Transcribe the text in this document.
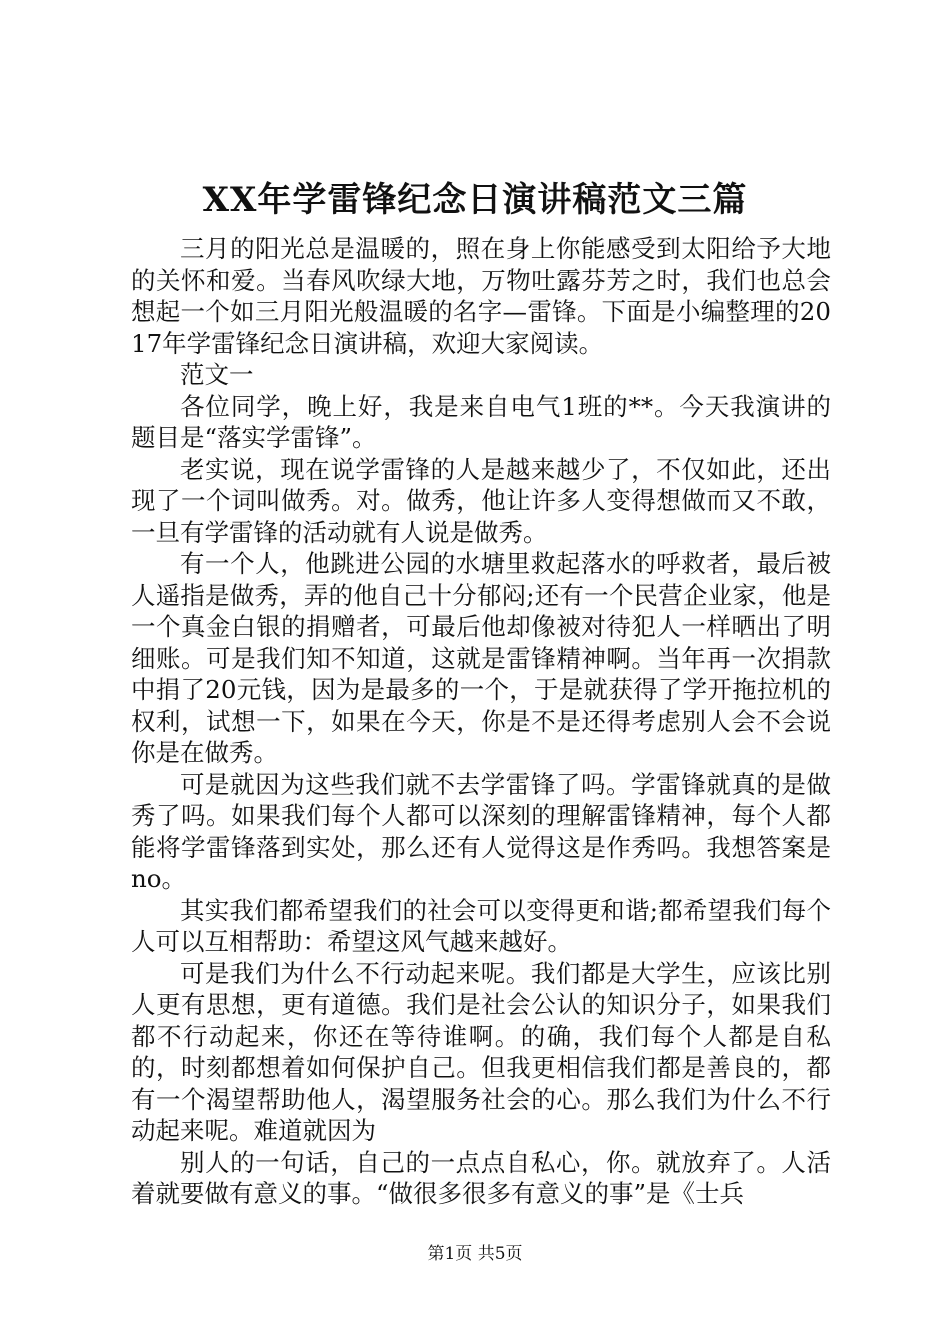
XX年学雷锋纪念日演讲稿范文三篇

三月的阳光总是温暖的，照在身上你能感受到太阳给予大地的关怀和爱。当春风吹绿大地，万物吐露芬芳之时，我们也总会想起一个如三月阳光般温暖的名字—雷锋。下面是小编整理的2017年学雷锋纪念日演讲稿，欢迎大家阅读。

范文一

各位同学，晚上好，我是来自电气1班的**。今天我演讲的题目是“落实学雷锋”。

老实说，现在说学雷锋的人是越来越少了，不仅如此，还出现了一个词叫做秀。对。做秀，他让许多人变得想做而又不敢，一旦有学雷锋的活动就有人说是做秀。

有一个人，他跳进公园的水塘里救起落水的呼救者，最后被人遥指是做秀，弄的他自己十分郁闷;还有一个民营企业家，他是一个真金白银的捐赠者，可最后他却像被对待犯人一样晒出了明细账。可是我们知不知道，这就是雷锋精神啊。当年再一次捐款中捐了20元钱，因为是最多的一个，于是就获得了学开拖拉机的权利，试想一下，如果在今天，你是不是还得考虑别人会不会说你是在做秀。

可是就因为这些我们就不去学雷锋了吗。学雷锋就真的是做秀了吗。如果我们每个人都可以深刻的理解雷锋精神，每个人都能将学雷锋落到实处，那么还有人觉得这是作秀吗。我想答案是no。

其实我们都希望我们的社会可以变得更和谐;都希望我们每个人可以互相帮助：希望这风气越来越好。

可是我们为什么不行动起来呢。我们都是大学生，应该比别人更有思想，更有道德。我们是社会公认的知识分子，如果我们都不行动起来，你还在等待谁啊。的确，我们每个人都是自私的，时刻都想着如何保护自己。但我更相信我们都是善良的，都有一个渴望帮助他人，渴望服务社会的心。那么我们为什么不行动起来呢。难道就因为

别人的一句话，自己的一点点自私心，你。就放弃了。人活着就要做有意义的事。“做很多很多有意义的事”是《士兵

第1页 共5页
